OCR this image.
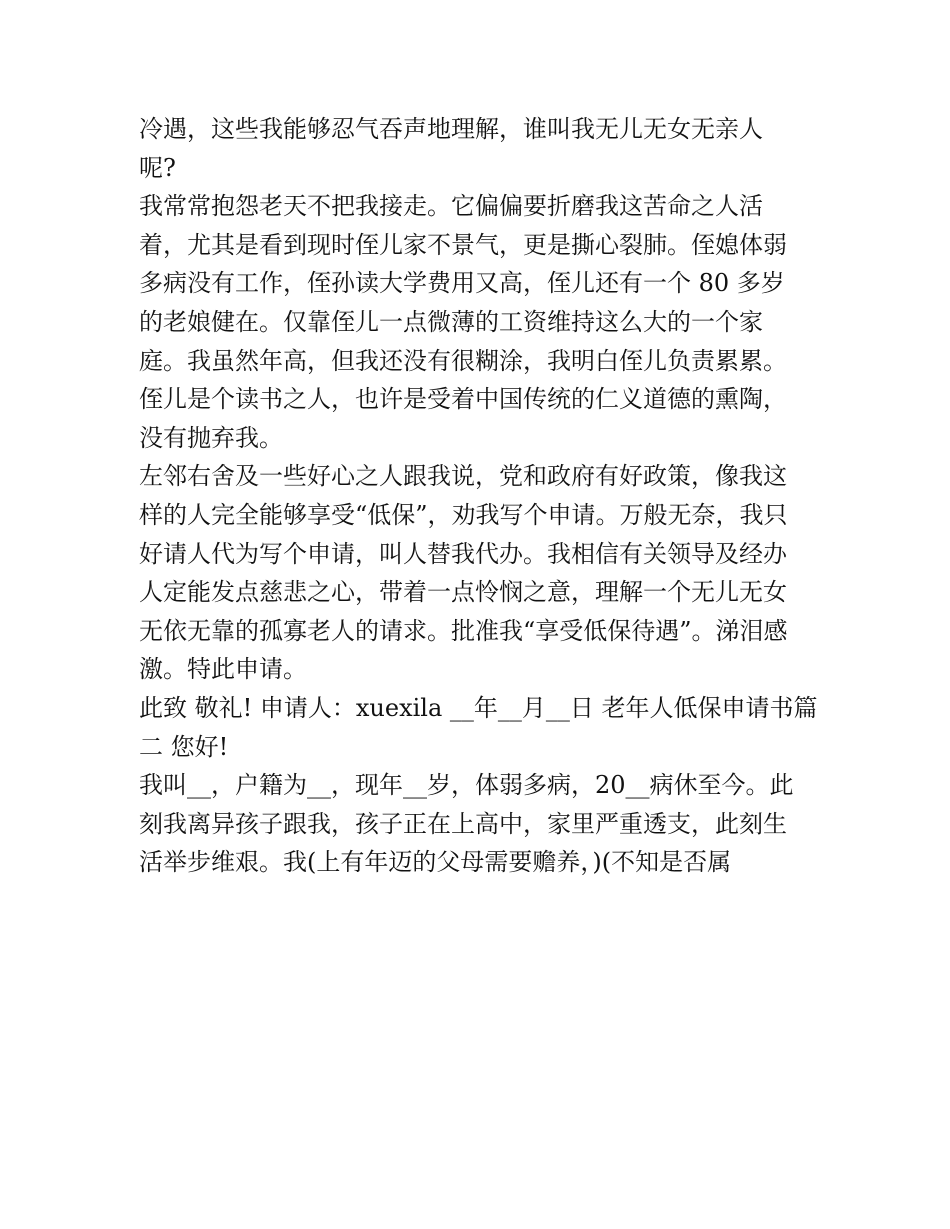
冷遇，这些我能够忍气吞声地理解，谁叫我无儿无女无亲人
呢?
我常常抱怨老天不把我接走。它偏偏要折磨我这苦命之人活
着，尤其是看到现时侄儿家不景气，更是撕心裂肺。侄媳体弱
多病没有工作，侄孙读大学费用又高，侄儿还有一个 80 多岁
的老娘健在。仅靠侄儿一点微薄的工资维持这么大的一个家
庭。我虽然年高，但我还没有很糊涂，我明白侄儿负责累累。
侄儿是个读书之人，也许是受着中国传统的仁义道德的熏陶，
没有抛弃我。
左邻右舍及一些好心之人跟我说，党和政府有好政策，像我这
样的人完全能够享受“低保”，劝我写个申请。万般无奈，我只
好请人代为写个申请，叫人替我代办。我相信有关领导及经办
人定能发点慈悲之心，带着一点怜悯之意，理解一个无儿无女
无依无靠的孤寡老人的请求。批准我“享受低保待遇”。涕泪感
激。特此申请。
此致 敬礼! 申请人：xuexila __年__月__日 老年人低保申请书篇
二 您好!
我叫__，户籍为__，现年__岁，体弱多病，20__病休至今。此
刻我离异孩子跟我，孩子正在上高中，家里严重透支，此刻生
活举步维艰。我(上有年迈的父母需要赡养，)(不知是否属
